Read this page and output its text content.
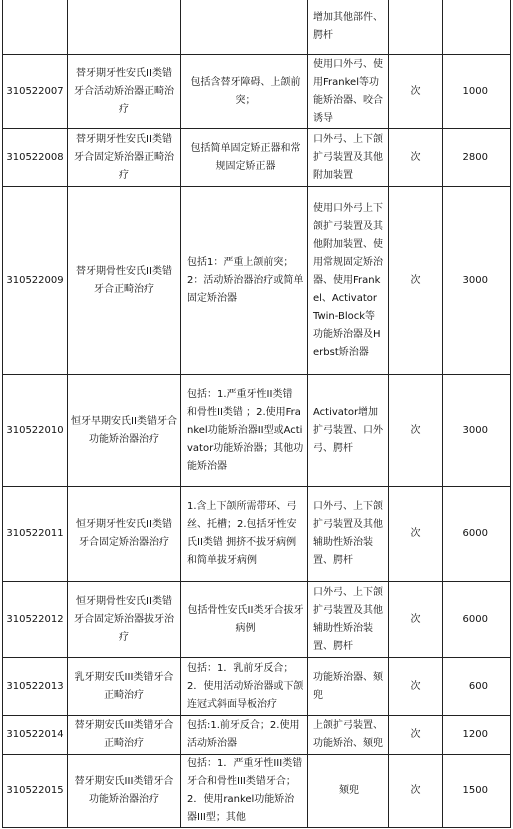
			增加其他部件、腭杆		
310522007	替牙期牙性安氏II类错 牙合活动矫治器正畸治疗	包括含替牙障碍、上颌前突；	使用口外弓、使用Frankel等功能矫治器、咬合诱导	次	1000
310522008	替牙期牙性安氏II类错 牙合固定矫治器正畸治疗	包括简单固定矫正器和常规固定矫正器	口外弓、上下颌扩弓装置及其他附加装置	次	2800
310522009	替牙期骨性安氏II类错 牙合正畸治疗	包括1：严重上颌前突；2：活动矫治器治疗或简单固定矫治器	使用口外弓上下颌扩弓装置及其他附加装置、使用常规固定矫治器、使用Frankel、Activator Twin-Block等功能矫治器及Herbst矫治器	次	3000
310522010	恒牙早期安氏II类错牙合功能矫治器治疗	包括：1.严重牙性II类错 和骨性II类错 ；2.使用Frankel功能矫治器II型或Activator功能矫治器；其他功能矫治器	Activator增加扩弓装置、口外弓、腭杆	次	3000
310522011	恒牙期牙性安氏II类错 牙合固定矫治器治疗	1.含上下颌所需带环、弓丝、托槽；2.包括牙性安氏II类错 拥挤不拔牙病例和简单拔牙病例	口外弓、上下颌扩弓装置及其他辅助性矫治装置、腭杆	次	6000
310522012	恒牙期骨性安氏II类错 牙合固定矫治器拔牙治疗	包括骨性安氏II类牙合拔牙病例	口外弓、上下颌扩弓装置及其他辅助性矫治装置、腭杆	次	6000
310522013	乳牙期安氏III类错牙合正畸治疗	包括：1．乳前牙反合；2．使用活动矫治器或下颌连冠式斜面导板治疗	功能矫治器、颏兜	次	600
310522014	替牙期安氏III类错牙合正畸治疗	包括:1.前牙反合；2.使用活动矫治器	上颌扩弓装置、功能矫治、颏兜	次	1200
310522015	替牙期安氏III类错牙合功能矫治器治疗	包括：1．严重牙性III类错牙合和骨性III类错牙合；2．使用rankel功能矫治器III型；其他	颏兜	次	1500
